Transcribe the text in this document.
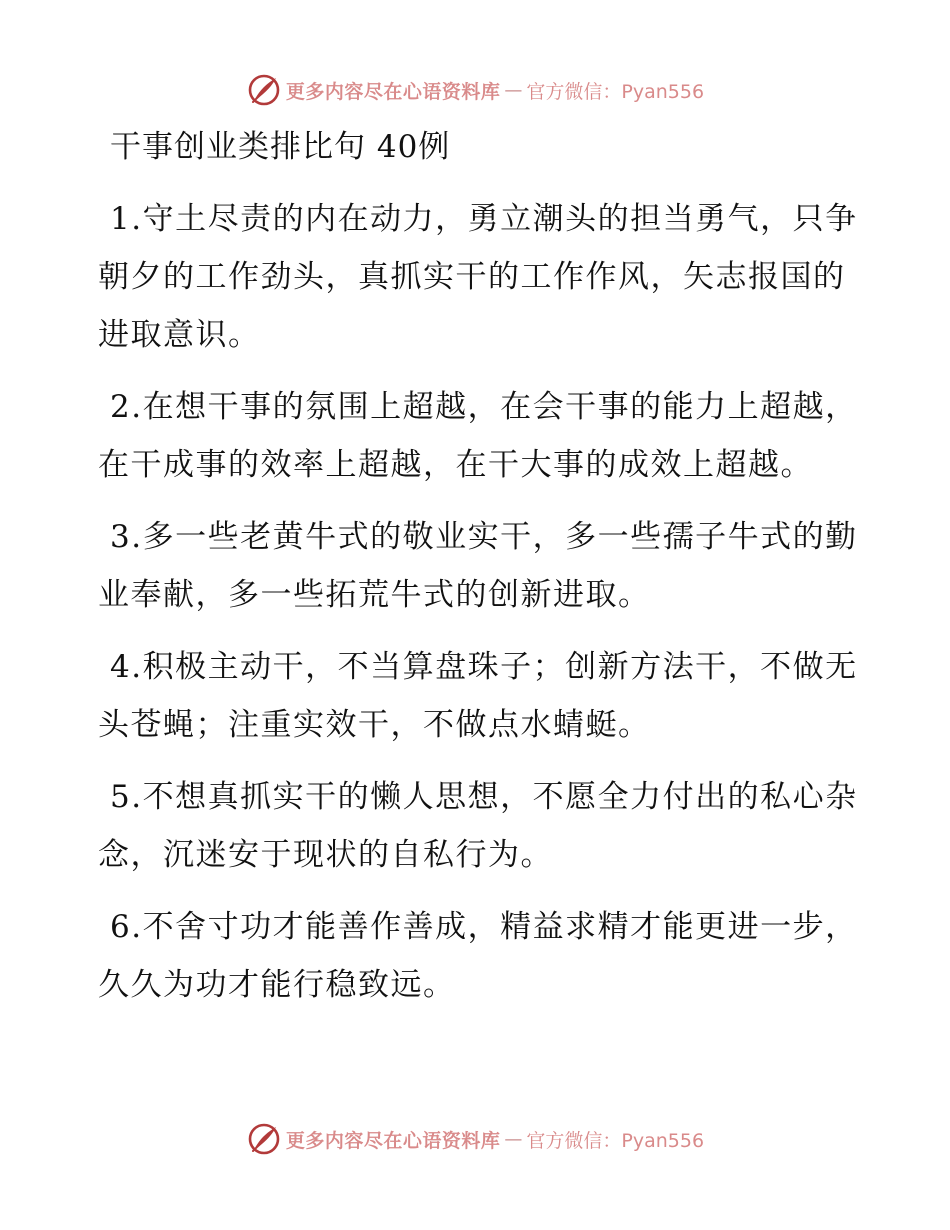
更多内容尽在心语资料库 — 官方微信：Pyan556
干事创业类排比句 40例

1.守土尽责的内在动力，勇立潮头的担当勇气，只争朝夕的工作劲头，真抓实干的工作作风，矢志报国的进取意识。

2.在想干事的氛围上超越，在会干事的能力上超越，在干成事的效率上超越，在干大事的成效上超越。

3.多一些老黄牛式的敬业实干，多一些孺子牛式的勤业奉献，多一些拓荒牛式的创新进取。

4.积极主动干，不当算盘珠子；创新方法干，不做无头苍蝇；注重实效干，不做点水蜻蜓。

5.不想真抓实干的懒人思想，不愿全力付出的私心杂念，沉迷安于现状的自私行为。

6.不舍寸功才能善作善成，精益求精才能更进一步，久久为功才能行稳致远。

更多内容尽在心语资料库 — 官方微信：Pyan556
